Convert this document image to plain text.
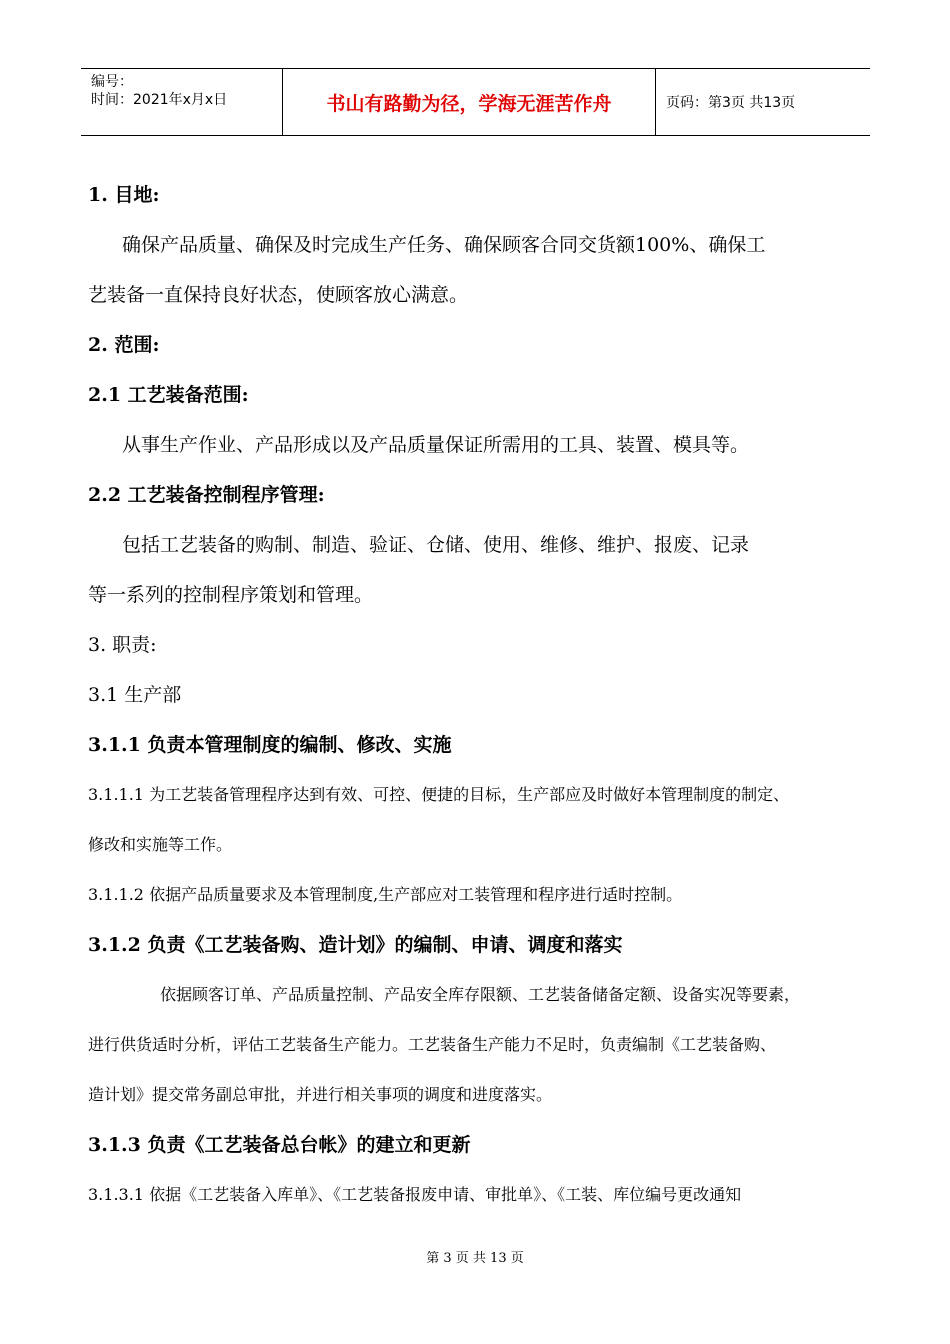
编号：
时间：2021年x月x日	书山有路勤为径，学海无涯苦作舟	页码：第3页 共13页
1. 目地:
确保产品质量、确保及时完成生产任务、确保顾客合同交货额100%、确保工
艺装备一直保持良好状态，使顾客放心满意。
2. 范围:
2.1 工艺装备范围:
从事生产作业、产品形成以及产品质量保证所需用的工具、装置、模具等。
2.2 工艺装备控制程序管理:
包括工艺装备的购制、制造、验证、仓储、使用、维修、维护、报废、记录
等一系列的控制程序策划和管理。
3. 职责:
3.1 生产部
3.1.1 负责本管理制度的编制、修改、实施
3.1.1.1 为工艺装备管理程序达到有效、可控、便捷的目标，生产部应及时做好本管理制度的制定、
修改和实施等工作。
3.1.1.2 依据产品质量要求及本管理制度,生产部应对工装管理和程序进行适时控制。
3.1.2 负责《工艺装备购、造计划》的编制、申请、调度和落实
依据顾客订单、产品质量控制、产品安全库存限额、工艺装备储备定额、设备实况等要素，
进行供货适时分析，评估工艺装备生产能力。工艺装备生产能力不足时，负责编制《工艺装备购、
造计划》提交常务副总审批，并进行相关事项的调度和进度落实。
3.1.3 负责《工艺装备总台帐》的建立和更新
3.1.3.1 依据《工艺装备入库单》、《工艺装备报废申请、审批单》、《工装、库位编号更改通知
第 3 页 共 13 页
